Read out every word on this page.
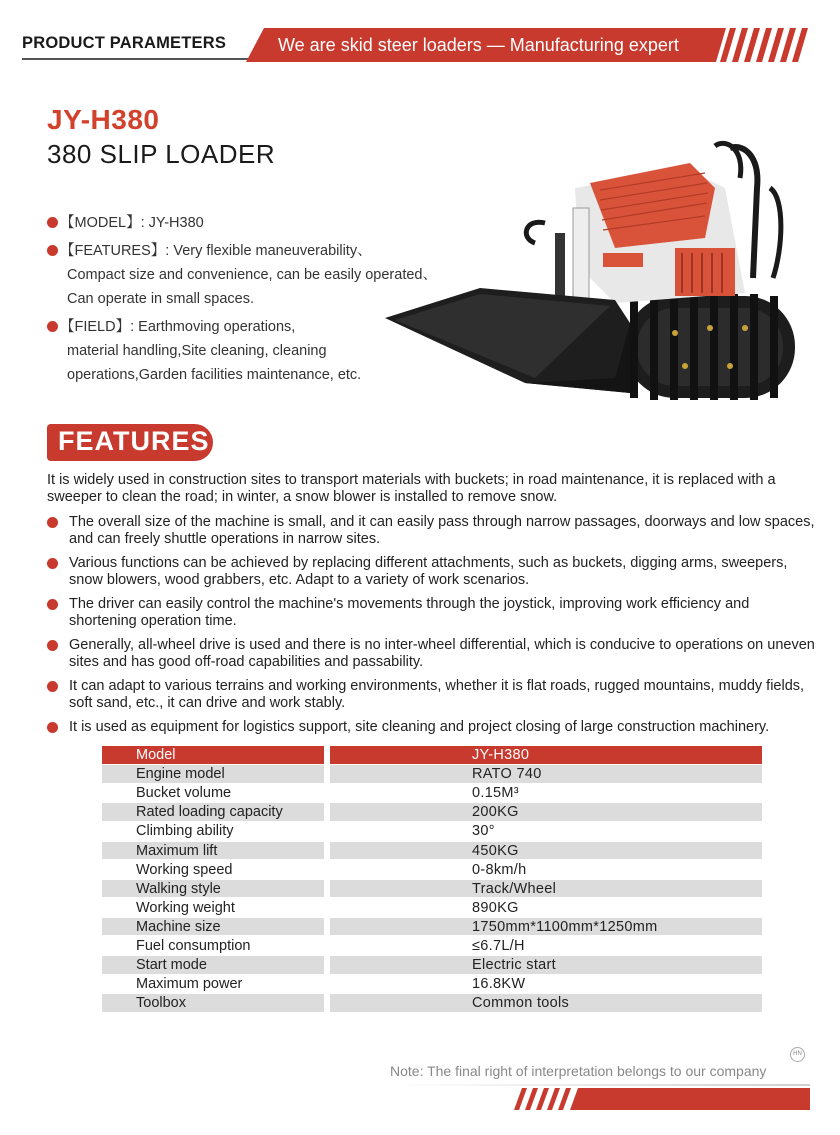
PRODUCT PARAMETERS	We are skid steer loaders — Manufacturing expert
JY-H380
380 SLIP LOADER
【MODEL】: JY-H380
【FEATURES】: Very flexible maneuverability、
Compact size and convenience, can be easily operated、
Can operate in small spaces.
【FIELD】: Earthmoving operations,
material handling,Site cleaning, cleaning
operations,Garden facilities maintenance, etc.
FEATURES
It is widely used in construction sites to transport materials with buckets; in road maintenance, it is replaced with a sweeper to clean the road; in winter, a snow blower is installed to remove snow.
The overall size of the machine is small, and it can easily pass through narrow passages, doorways and low spaces, and can freely shuttle operations in narrow sites.
Various functions can be achieved by replacing different attachments, such as buckets, digging arms, sweepers, snow blowers, wood grabbers, etc. Adapt to a variety of work scenarios.
The driver can easily control the machine's movements through the joystick, improving work efficiency and shortening operation time.
Generally, all-wheel drive is used and there is no inter-wheel differential, which is conducive to operations on uneven sites and has good off-road capabilities and passability.
It can adapt to various terrains and working environments, whether it is flat roads, rugged mountains, muddy fields, soft sand, etc., it can drive and work stably.
It is used as equipment for logistics support, site cleaning and project closing of large construction machinery.
Model	JY-H380
Engine model	RATO 740
Bucket volume	0.15M³
Rated loading capacity	200KG
Climbing ability	30°
Maximum lift	450KG
Working speed	0-8km/h
Walking style	Track/Wheel
Working weight	890KG
Machine size	1750mm*1100mm*1250mm
Fuel consumption	≤6.7L/H
Start mode	Electric start
Maximum power	16.8KW
Toolbox	Common tools
HN
Note: The final right of interpretation belongs to our company
